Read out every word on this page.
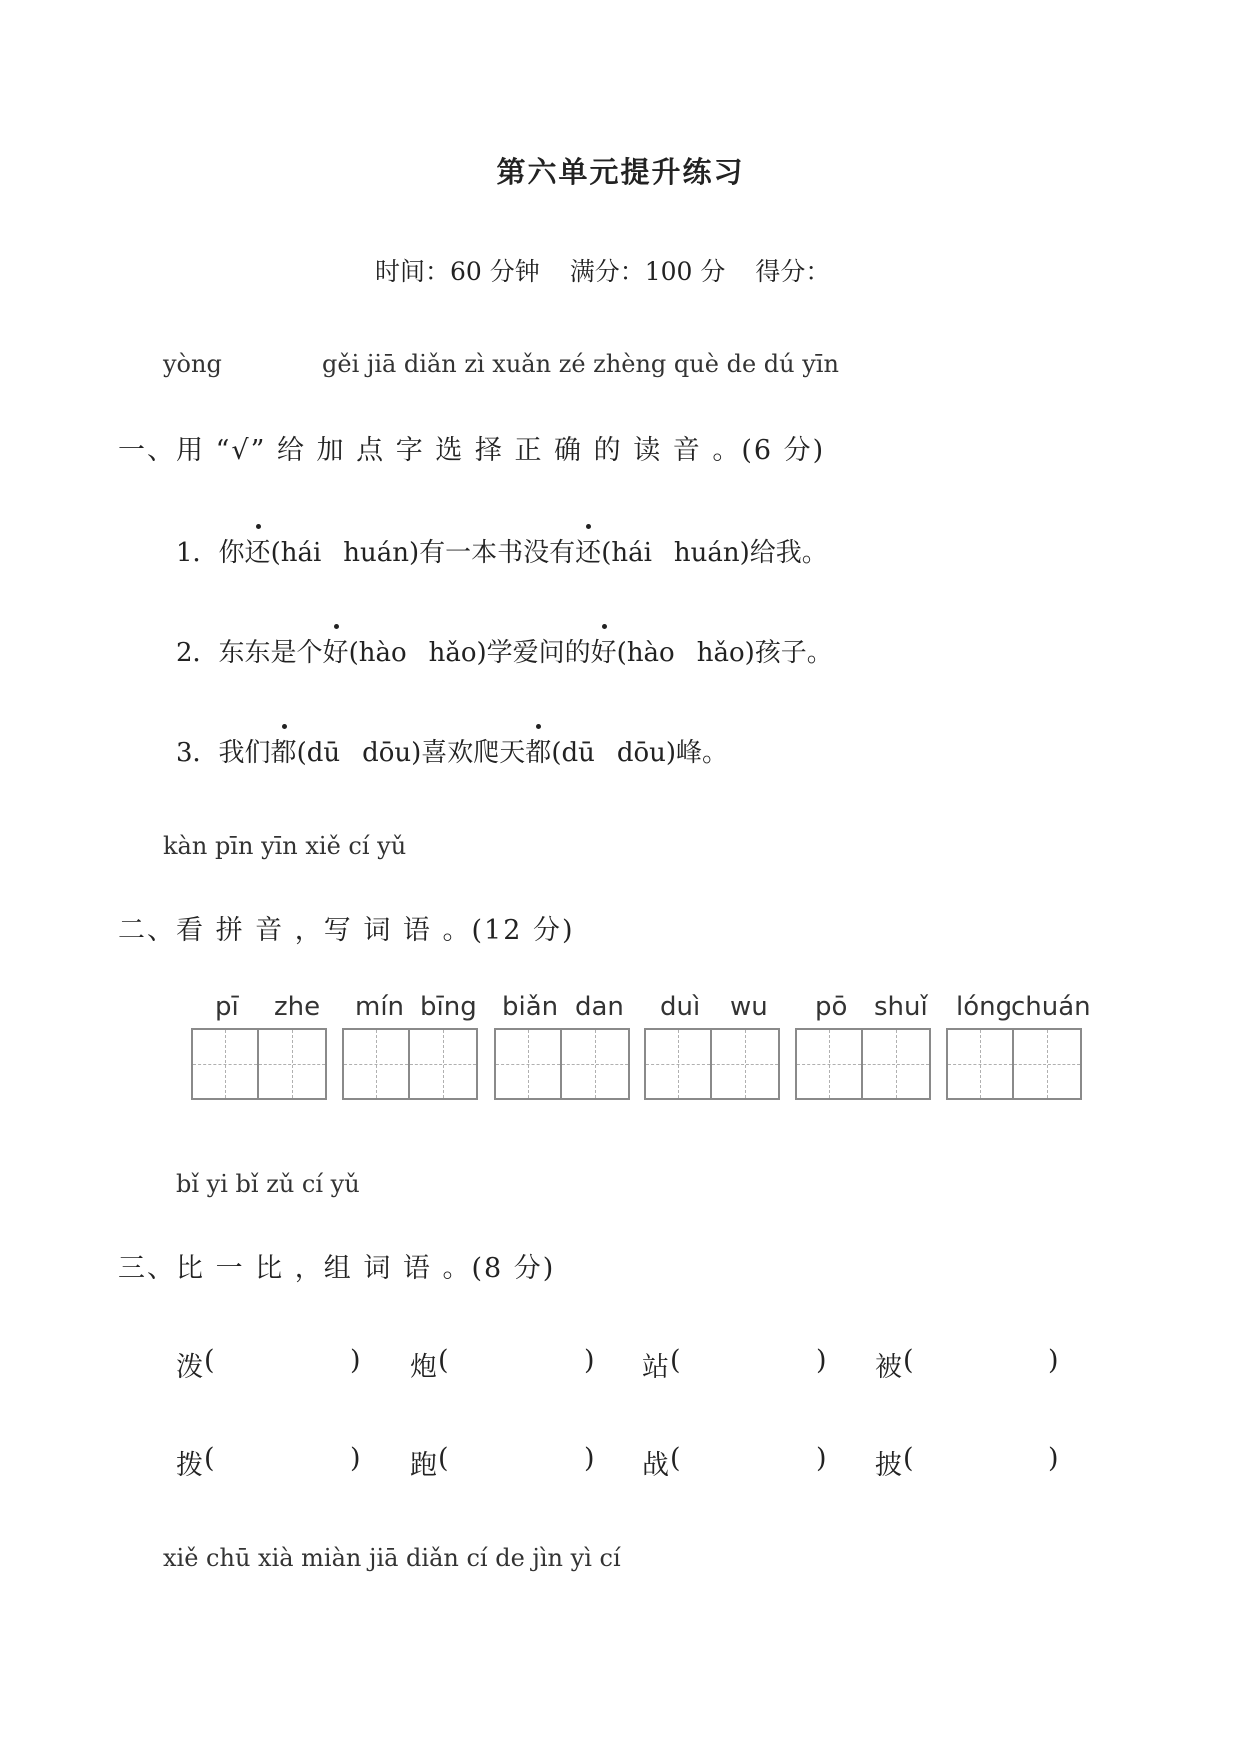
第六单元提升练习
时间：60 分钟 满分：100 分 得分：
yòng	gěi jiā diǎn zì xuǎn zé zhèng què de dú yīn
一、用 “√” 给 加 点 字 选 择 正 确 的 读 音 。(6 分)
1．你还(hái huán)有一本书没有还(hái huán)给我。
2．东东是个好(hào hǎo)学爱问的好(hào hǎo)孩子。
3．我们都(dū dōu)喜欢爬天都(dū dōu)峰。
kàn pīn yīn xiě cí yǔ
二、看 拼 音 ，写 词 语 。(12 分)
pī zhe mín bīng biǎn dan duì wu pō shuǐ lóng
chuán
bǐ yi bǐ zǔ cí yǔ
三、比 一 比 ，组 词 语 。(8 分)
泼 (	) 炮 (	) 站 (	) 被 (	)
拨 (	) 跑 (	) 战 (	) 披 (	)
xiě chū xià miàn jiā diǎn cí de jìn yì cí
